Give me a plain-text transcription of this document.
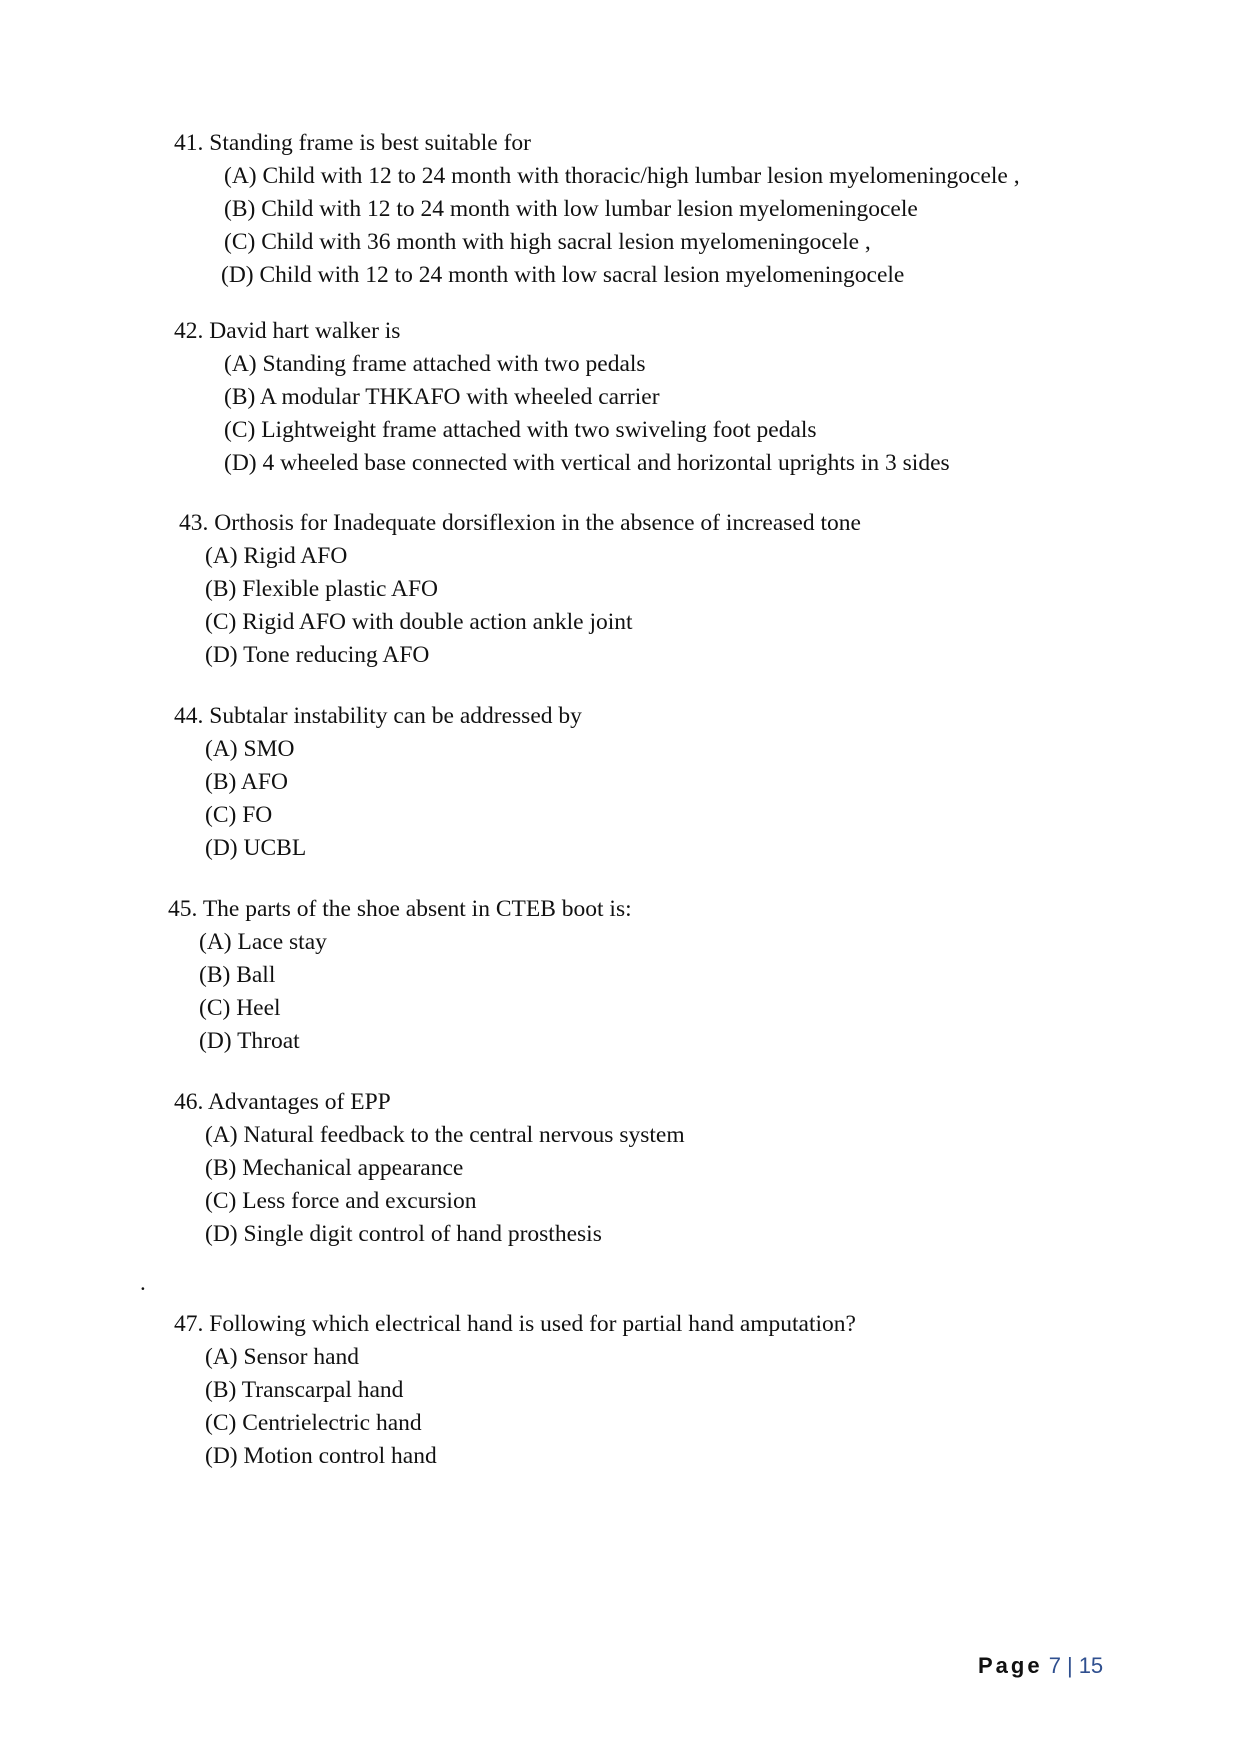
41. Standing frame is best suitable for
(A) Child with 12 to 24 month with thoracic/high lumbar lesion myelomeningocele ,
(B) Child with 12 to 24 month with low lumbar lesion myelomeningocele
(C) Child with 36 month with high sacral lesion myelomeningocele ,
(D) Child with 12 to 24 month with low sacral lesion myelomeningocele
42. David hart walker is
(A) Standing frame attached with two pedals
(B) A modular THKAFO with wheeled carrier
(C) Lightweight frame attached with two swiveling foot pedals
(D) 4 wheeled base connected with vertical and horizontal uprights in 3 sides
43. Orthosis for Inadequate dorsiflexion in the absence of increased tone
(A) Rigid AFO
(B) Flexible plastic AFO
(C) Rigid AFO with double action ankle joint
(D) Tone reducing AFO
44. Subtalar instability can be addressed by
(A) SMO
(B) AFO
(C) FO
(D) UCBL
45. The parts of the shoe absent in CTEB boot is:
(A) Lace stay
(B) Ball
(C) Heel
(D) Throat
46. Advantages of EPP
(A) Natural feedback to the central nervous system
(B) Mechanical appearance
(C) Less force and excursion
(D) Single digit control of hand prosthesis
.
47. Following which electrical hand is used for partial hand amputation?
(A) Sensor hand
(B) Transcarpal hand
(C) Centrielectric hand
(D) Motion control hand
Page 7 | 15
